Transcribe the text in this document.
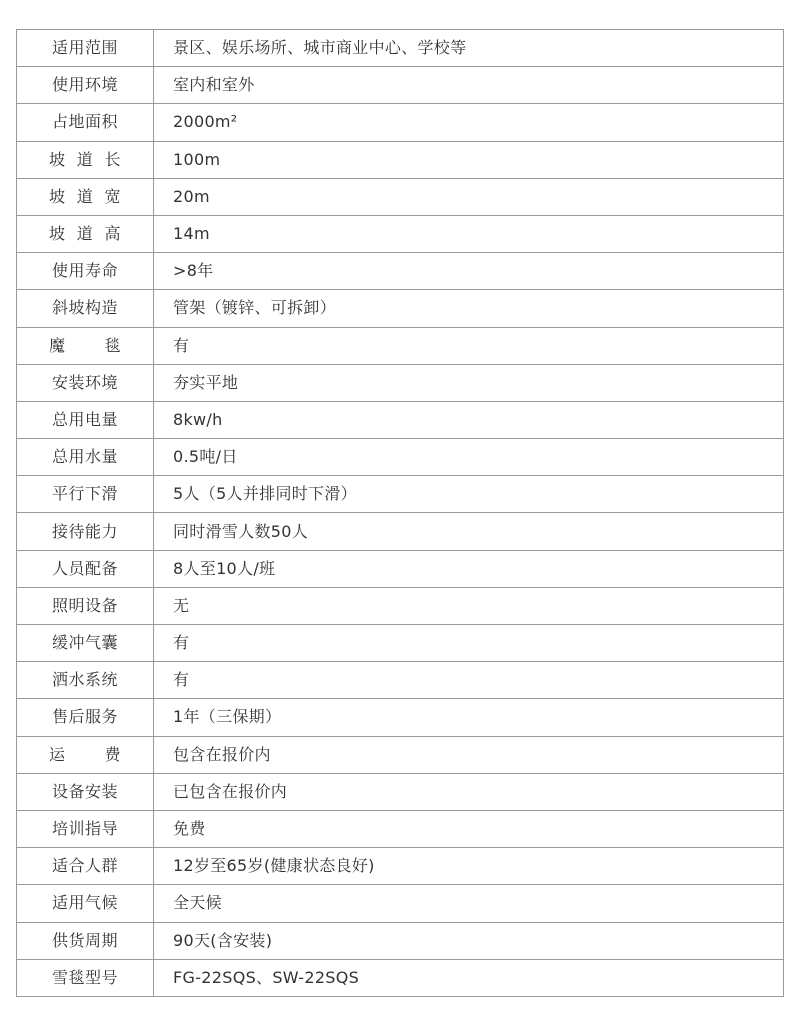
适用范围	景区、娱乐场所、城市商业中心、学校等
使用环境	室内和室外
占地面积	2000m²
坡 道 长	100m
坡 道 宽	20m
坡 道 高	14m
使用寿命	>8年
斜坡构造	管架（镀锌、可拆卸）
魔 毯	有
安装环境	夯实平地
总用电量	8kw/h
总用水量	0.5吨/日
平行下滑	5人（5人并排同时下滑）
接待能力	同时滑雪人数50人
人员配备	8人至10人/班
照明设备	无
缓冲气囊	有
洒水系统	有
售后服务	1年（三保期）
运 费	包含在报价内
设备安装	已包含在报价内
培训指导	免费
适合人群	12岁至65岁(健康状态良好)
适用气候	全天候
供货周期	90天(含安装)
雪毯型号	FG-22SQS、SW-22SQS
